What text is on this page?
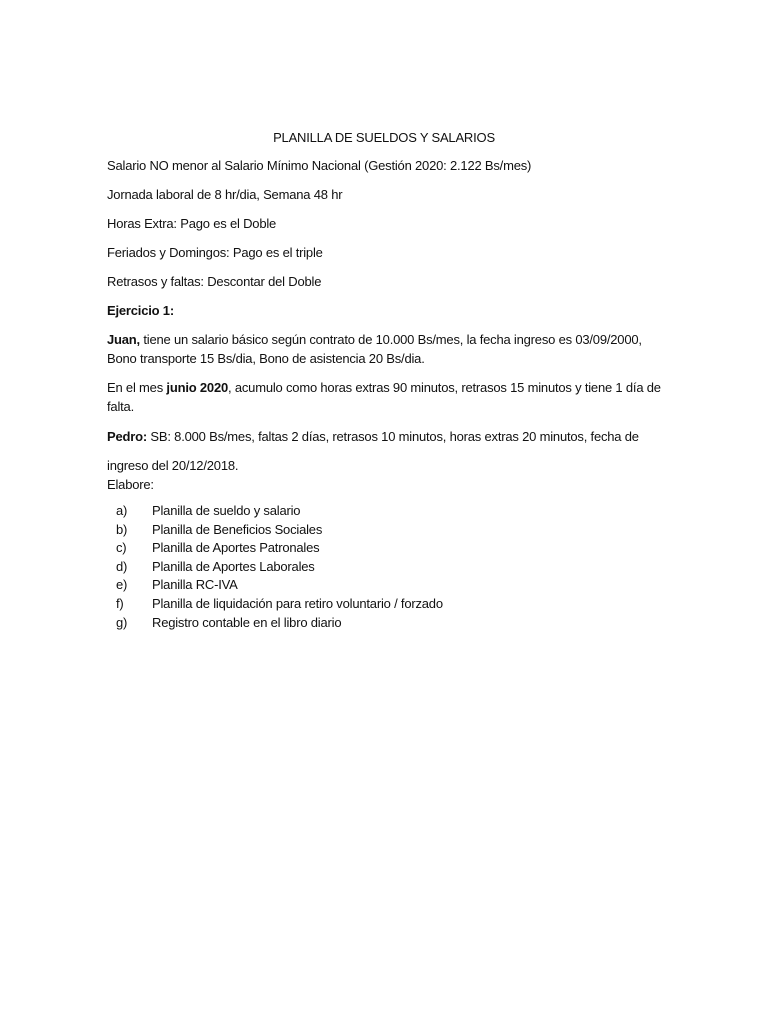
PLANILLA DE SUELDOS Y SALARIOS

Salario NO menor al Salario Mínimo Nacional (Gestión 2020: 2.122 Bs/mes)

Jornada laboral de 8 hr/dia, Semana 48 hr

Horas Extra: Pago es el Doble

Feriados y Domingos: Pago es el triple

Retrasos y faltas: Descontar del Doble

Ejercicio 1:

Juan, tiene un salario básico según contrato de 10.000 Bs/mes, la fecha ingreso es 03/09/2000, Bono transporte 15 Bs/dia, Bono de asistencia 20 Bs/dia.

En el mes junio 2020, acumulo como horas extras 90 minutos, retrasos 15 minutos y tiene 1 día de falta.

Pedro: SB: 8.000 Bs/mes, faltas 2 días, retrasos 10 minutos, horas extras 20 minutos, fecha de

ingreso del 20/12/2018.

Elabore:

a)	Planilla de sueldo y salario
b)	Planilla de Beneficios Sociales
c)	Planilla de Aportes Patronales
d)	Planilla de Aportes Laborales
e)	Planilla RC-IVA
f)	Planilla de liquidación para retiro voluntario / forzado
g)	Registro contable en el libro diario
